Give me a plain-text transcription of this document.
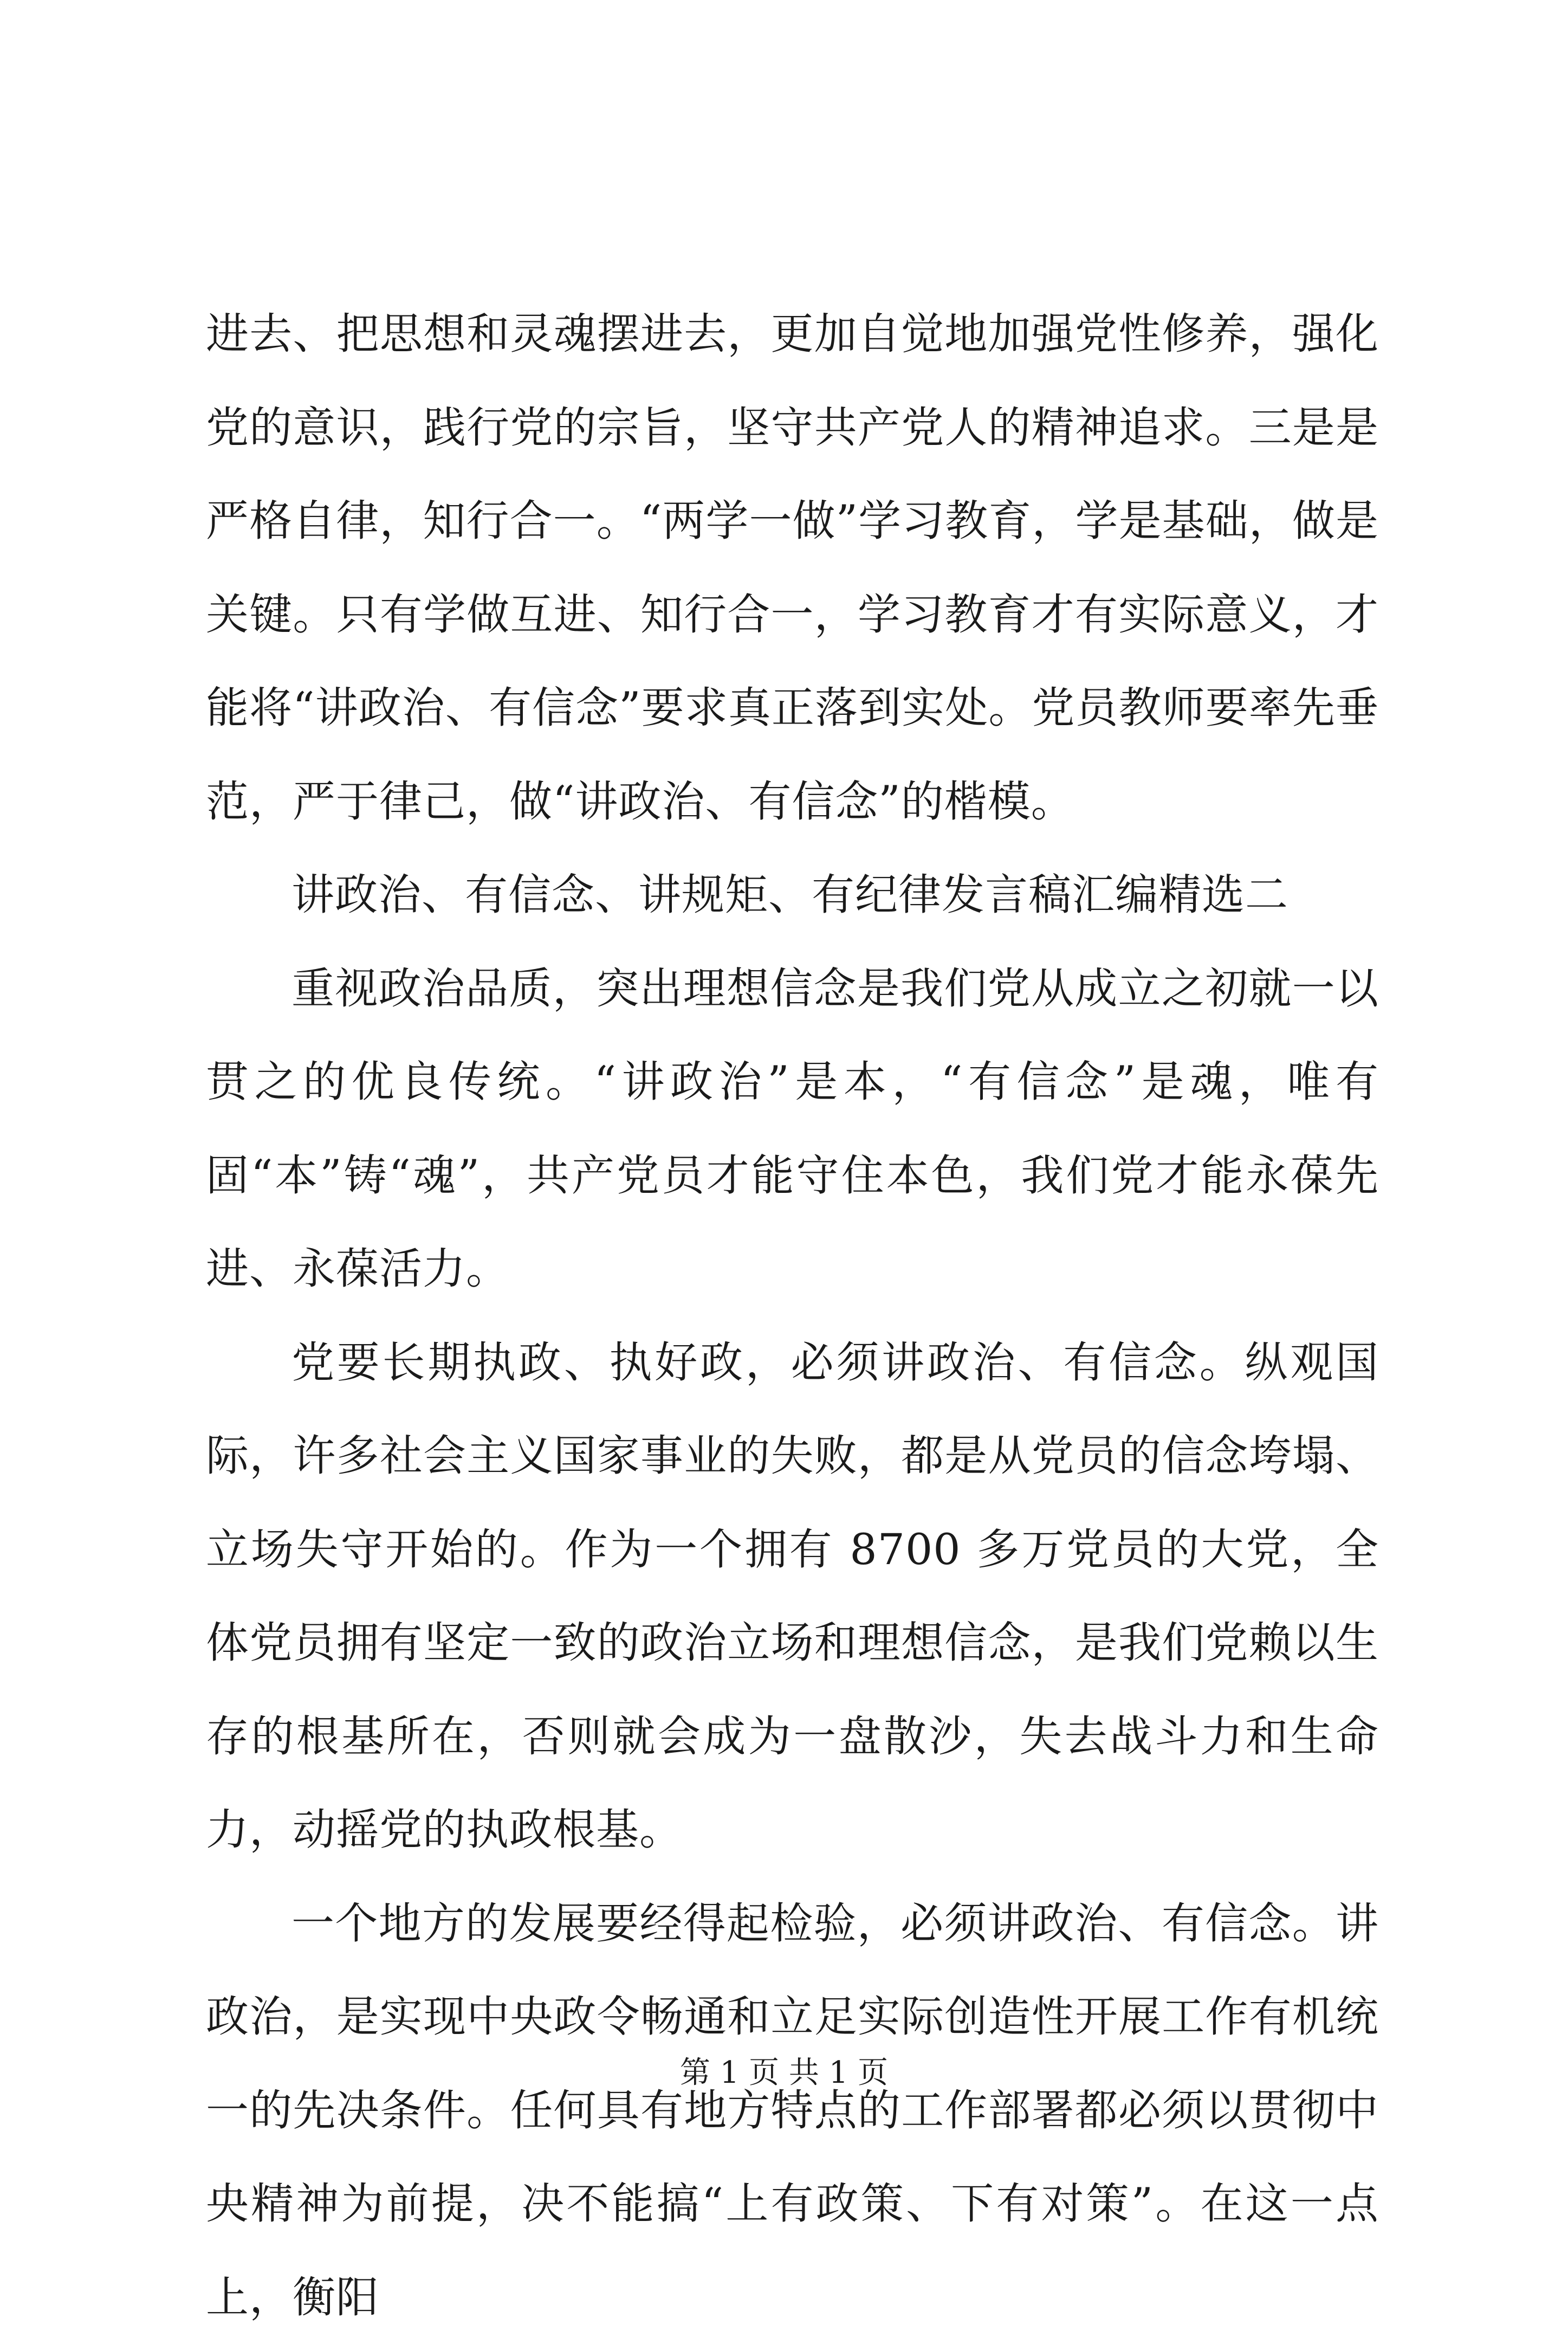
进去、把思想和灵魂摆进去，更加自觉地加强党性修养，强化党的意识，践行党的宗旨，坚守共产党人的精神追求。三是是严格自律，知行合一。“两学一做”学习教育，学是基础，做是关键。只有学做互进、知行合一，学习教育才有实际意义，才能将“讲政治、有信念”要求真正落到实处。党员教师要率先垂范，严于律己，做“讲政治、有信念”的楷模。

讲政治、有信念、讲规矩、有纪律发言稿汇编精选二

重视政治品质，突出理想信念是我们党从成立之初就一以贯之的优良传统。“讲政治”是本，“有信念”是魂，唯有固“本”铸“魂”，共产党员才能守住本色，我们党才能永葆先进、永葆活力。

党要长期执政、执好政，必须讲政治、有信念。纵观国际，许多社会主义国家事业的失败，都是从党员的信念垮塌、立场失守开始的。作为一个拥有 8700 多万党员的大党，全体党员拥有坚定一致的政治立场和理想信念，是我们党赖以生存的根基所在，否则就会成为一盘散沙，失去战斗力和生命力，动摇党的执政根基。

一个地方的发展要经得起检验，必须讲政治、有信念。讲政治，是实现中央政令畅通和立足实际创造性开展工作有机统一的先决条件。任何具有地方特点的工作部署都必须以贯彻中央精神为前提，决不能搞“上有政策、下有对策”。在这一点上，衡阳

第 1 页 共 1 页
